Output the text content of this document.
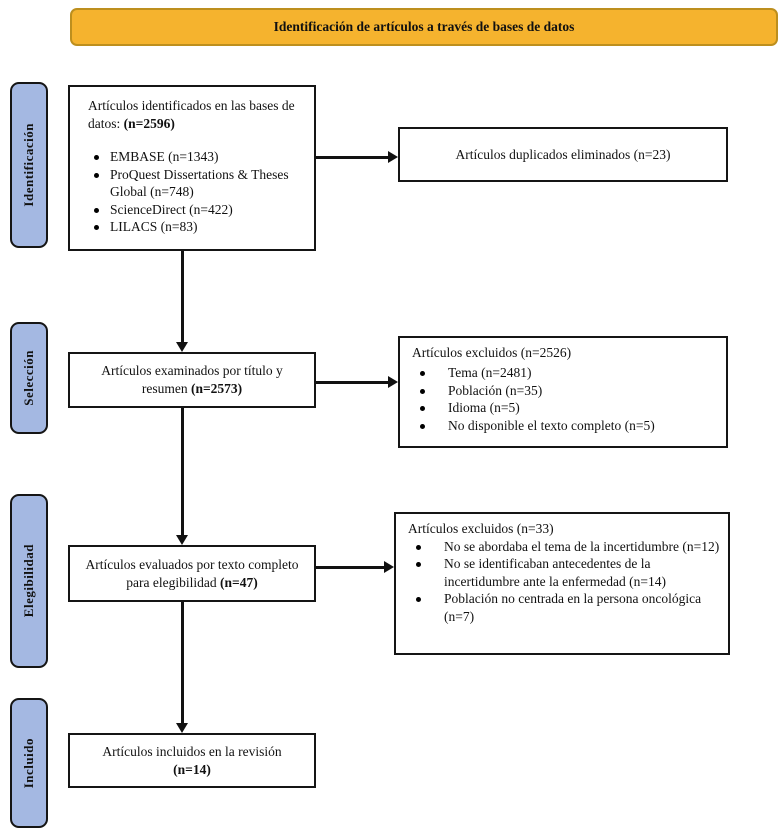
Identificación de artículos a través de bases de datos
Identificación
Selección
Elegibilidad
Incluido
Artículos identificados en las bases de datos: (n=2596)
EMBASE (n=1343)
ProQuest Dissertations & Theses Global (n=748)
ScienceDirect (n=422)
LILACS (n=83)
Artículos duplicados eliminados (n=23)
Artículos examinados por título y resumen (n=2573)
Artículos excluidos (n=2526)
Tema (n=2481)
Población (n=35)
Idioma (n=5)
No disponible el texto completo (n=5)
Artículos evaluados por texto completo para elegibilidad (n=47)
Artículos excluidos (n=33)
No se abordaba el tema de la incertidumbre (n=12)
No se identificaban antecedentes de la incertidumbre ante la enfermedad (n=14)
Población no centrada en la persona oncológica (n=7)
Artículos incluidos en la revisión
(n=14)
